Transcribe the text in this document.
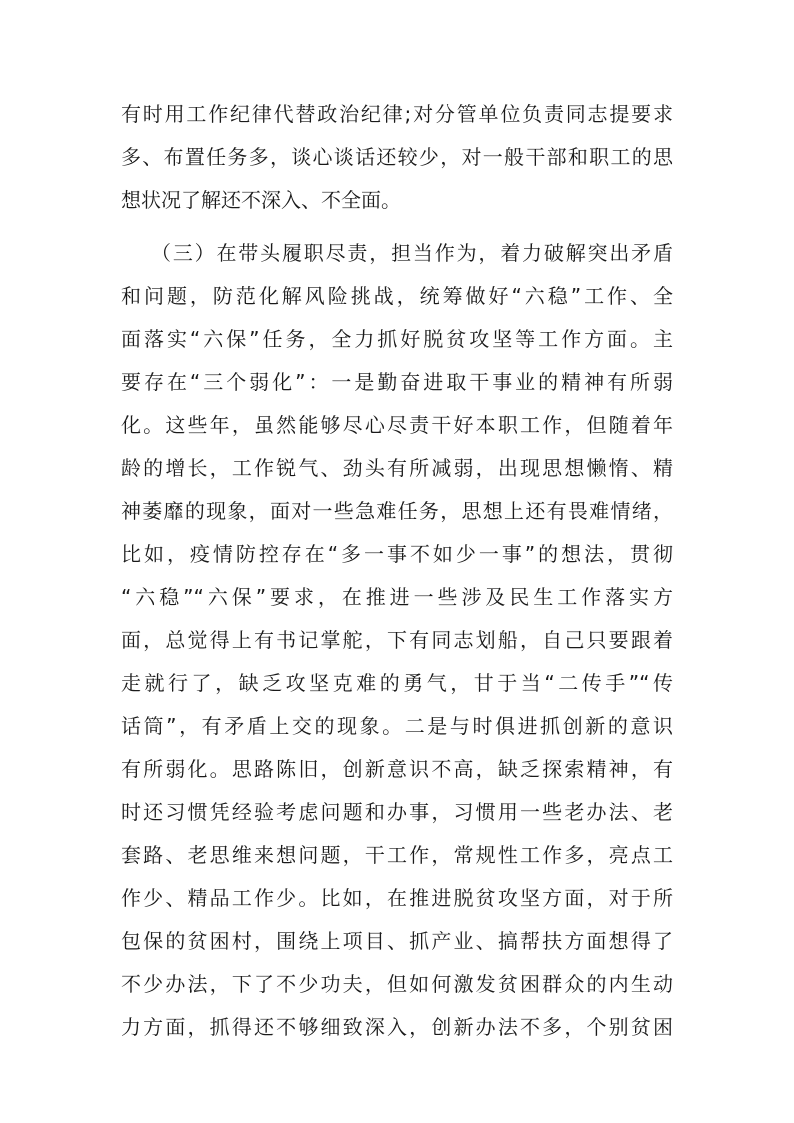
有时用工作纪律代替政治纪律;对分管单位负责同志提要求
多、布置任务多，谈心谈话还较少，对一般干部和职工的思
想状况了解还不深入、不全面。
（三）在带头履职尽责，担当作为，着力破解突出矛盾
和问题，防范化解风险挑战，统筹做好“六稳”工作、全
面落实“六保”任务，全力抓好脱贫攻坚等工作方面。主
要存在“三个弱化”：一是勤奋进取干事业的精神有所弱
化。这些年，虽然能够尽心尽责干好本职工作，但随着年
龄的增长，工作锐气、劲头有所减弱，出现思想懒惰、精
神萎靡的现象，面对一些急难任务，思想上还有畏难情绪，
比如，疫情防控存在“多一事不如少一事”的想法，贯彻
“六稳”“六保”要求，在推进一些涉及民生工作落实方
面，总觉得上有书记掌舵，下有同志划船，自己只要跟着
走就行了，缺乏攻坚克难的勇气，甘于当“二传手”“传
话筒”，有矛盾上交的现象。二是与时俱进抓创新的意识
有所弱化。思路陈旧，创新意识不高，缺乏探索精神，有
时还习惯凭经验考虑问题和办事，习惯用一些老办法、老
套路、老思维来想问题，干工作，常规性工作多，亮点工
作少、精品工作少。比如，在推进脱贫攻坚方面，对于所
包保的贫困村，围绕上项目、抓产业、搞帮扶方面想得了
不少办法，下了不少功夫，但如何激发贫困群众的内生动
力方面，抓得还不够细致深入，创新办法不多，个别贫困
